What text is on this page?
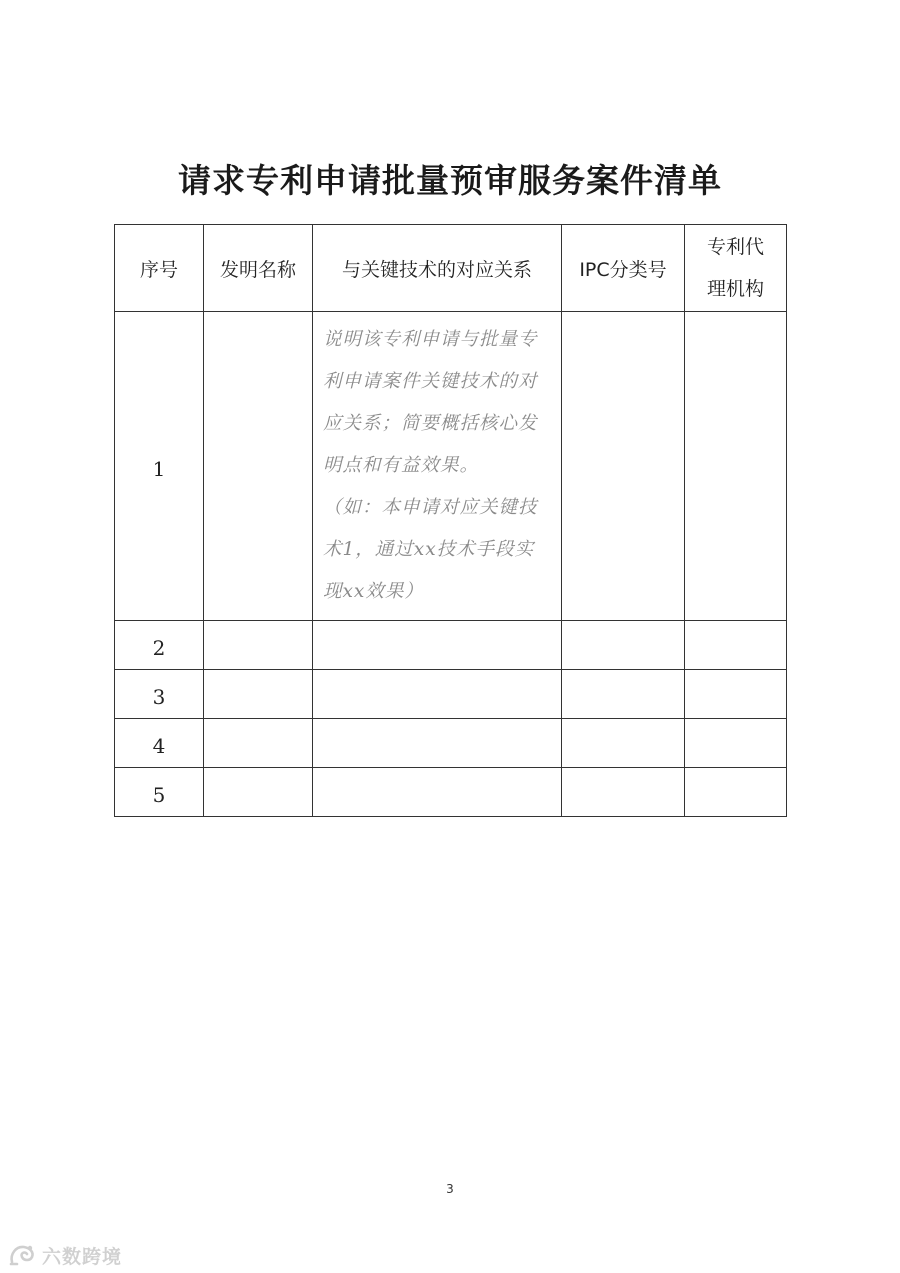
请求专利申请批量预审服务案件清单
序号	发明名称	与关键技术的对应关系	IPC分类号	专利代
理机构
1		说明该专利申请与批量专利申请案件关键技术的对应关系；简要概括核心发明点和有益效果。
（如：本申请对应关键技术1，通过xx技术手段实现xx效果）		

2				
3				
4				
5				
3
六数跨境
